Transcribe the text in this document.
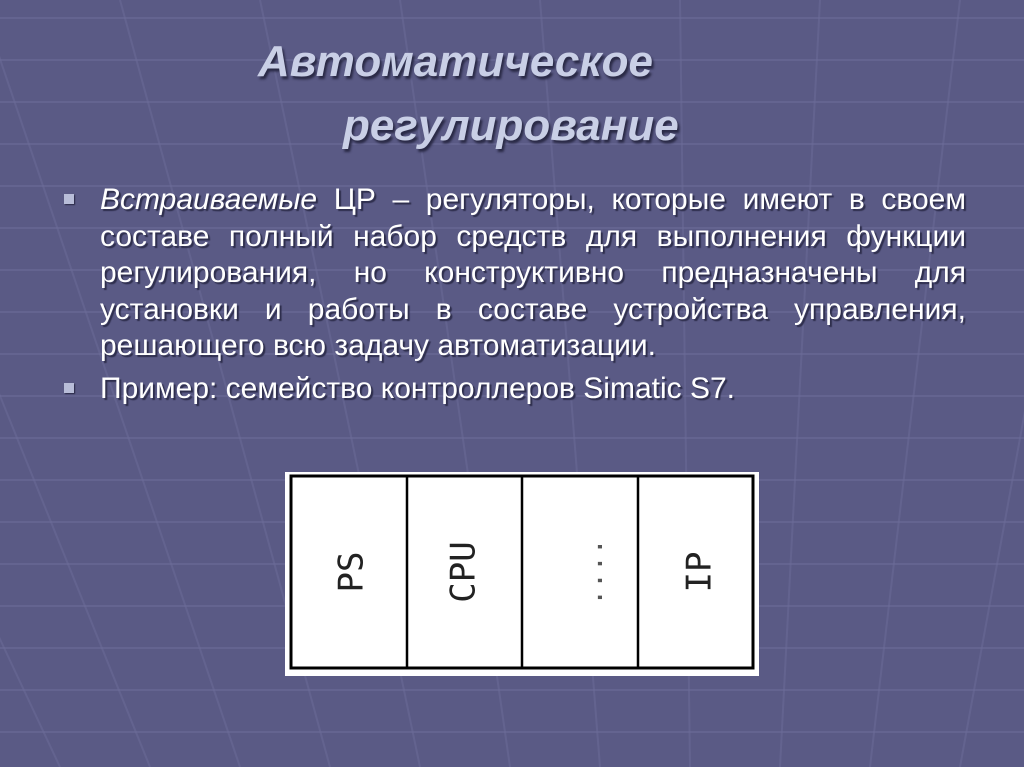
Автоматическое
регулирование
Встраиваемые ЦР – регуляторы, которые имеют в своем составе полный набор средств для выполнения функции регулирования, но конструктивно предназначены для установки и работы в составе устройства управления, решающего всю задачу автоматизации.
Пример: семейство контроллеров Simatic S7.
PS CPU	.... IP
